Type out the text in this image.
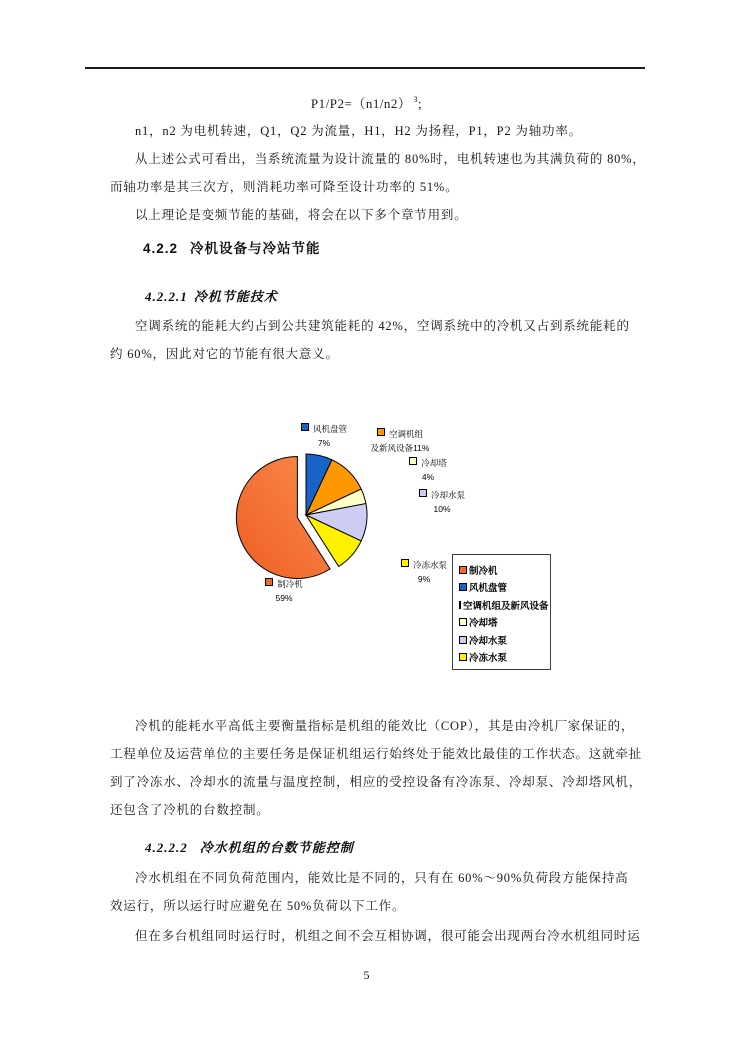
P1/P2=（n1/n2） $^3$;
n1，n2 为电机转速，Q1，Q2 为流量，H1，H2 为扬程，P1，P2 为轴功率。
从上述公式可看出，当系统流量为设计流量的 80%时，电机转速也为其满负荷的 80%，
而轴功率是其三次方，则消耗功率可降至设计功率的 51%。
以上理论是变频节能的基础，将会在以下多个章节用到。
4.2.2 冷机设备与冷站节能
4.2.2.1 冷机节能技术
空调系统的能耗大约占到公共建筑能耗的 42%，空调系统中的冷机又占到系统能耗的
约 60%，因此对它的节能有很大意义。
风机盘管
7%
空调机组
及新风设备11%
冷却塔
4%
冷却水泵
10%
冷冻水泵
9%
制冷机
59%
制冷机
风机盘管
空调机组及新风设备
冷却塔
冷却水泵
冷冻水泵
冷机的能耗水平高低主要衡量指标是机组的能效比（COP），其是由冷机厂家保证的，
工程单位及运营单位的主要任务是保证机组运行始终处于能效比最佳的工作状态。这就牵扯
到了冷冻水、冷却水的流量与温度控制，相应的受控设备有冷冻泵、冷却泵、冷却塔风机，
还包含了冷机的台数控制。
4.2.2.2 冷水机组的台数节能控制
冷水机组在不同负荷范围内，能效比是不同的，只有在 60%～90%负荷段方能保持高
效运行，所以运行时应避免在 50%负荷以下工作。
但在多台机组同时运行时，机组之间不会互相协调，很可能会出现两台冷水机组同时运
5
